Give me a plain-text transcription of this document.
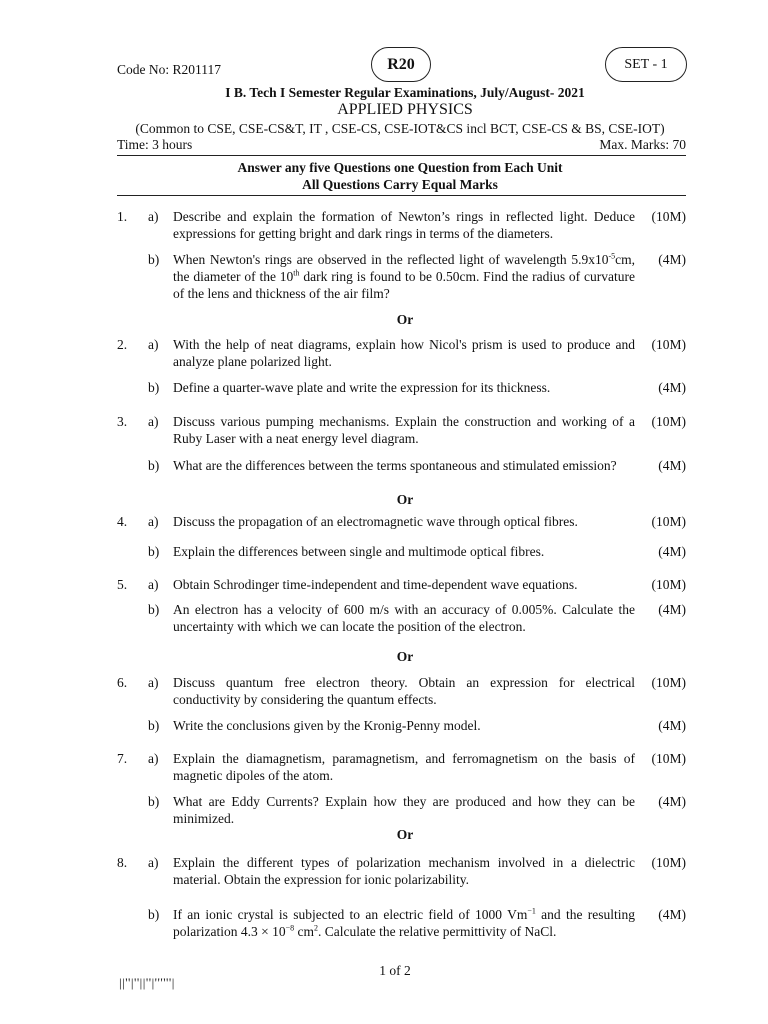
Code No: R201117	R20	SET - 1
I B. Tech I Semester Regular Examinations, July/August- 2021
APPLIED PHYSICS
(Common to CSE, CSE-CS&T, IT , CSE-CS, CSE-IOT&CS incl BCT, CSE-CS & BS, CSE-IOT)
Time: 3 hours	Max. Marks: 70
Answer any five Questions one Question from Each Unit
All Questions Carry Equal Marks
1. a) Describe and explain the formation of Newton’s rings in reflected light. Deduce expressions for getting bright and dark rings in terms of the diameters.
(10M)
b) When Newton's rings are observed in the reflected light of wavelength $5.9x10^{-5}cm$, the diameter of the 10th dark ring is found to be 0.50cm. Find the radius of curvature of the lens and thickness of the air film?
(4M)
Or
2. a) With the help of neat diagrams, explain how Nicol's prism is used to produce and analyze plane polarized light.
(10M)
b) Define a quarter-wave plate and write the expression for its thickness.	(4M)
3. a) Discuss various pumping mechanisms. Explain the construction and working of a Ruby Laser with a neat energy level diagram.
(10M)
b) What are the differences between the terms spontaneous and stimulated emission?	(4M)
Or
4. a) Discuss the propagation of an electromagnetic wave through optical fibres.	(10M)
b) Explain the differences between single and multimode optical fibres.	(4M)
5. a) Obtain Schrodinger time-independent and time-dependent wave equations.	(10M)
b) An electron has a velocity of 600 m/s with an accuracy of 0.005%. Calculate the uncertainty with which we can locate the position of the electron.
(4M)
Or
6. a) Discuss quantum free electron theory. Obtain an expression for electrical conductivity by considering the quantum effects.
(10M)
b) Write the conclusions given by the Kronig-Penny model.	(4M)
7. a) Explain the diamagnetism, paramagnetism, and ferromagnetism on the basis of magnetic dipoles of the atom.
(10M)
b) What are Eddy Currents? Explain how they are produced and how they can be minimized.
(4M)
Or
8. a) Explain the different types of polarization mechanism involved in a dielectric material. Obtain the expression for ionic polarizability.
(10M)
b) If an ionic crystal is subjected to an electric field of 1000 $Vm^{-1}$ and the resulting polarization $4.3 \times 10^{-8}$ $cm^2$. Calculate the relative permittivity of NaCl.
(4M)
1 of 2
||''|''||''|''''''|
